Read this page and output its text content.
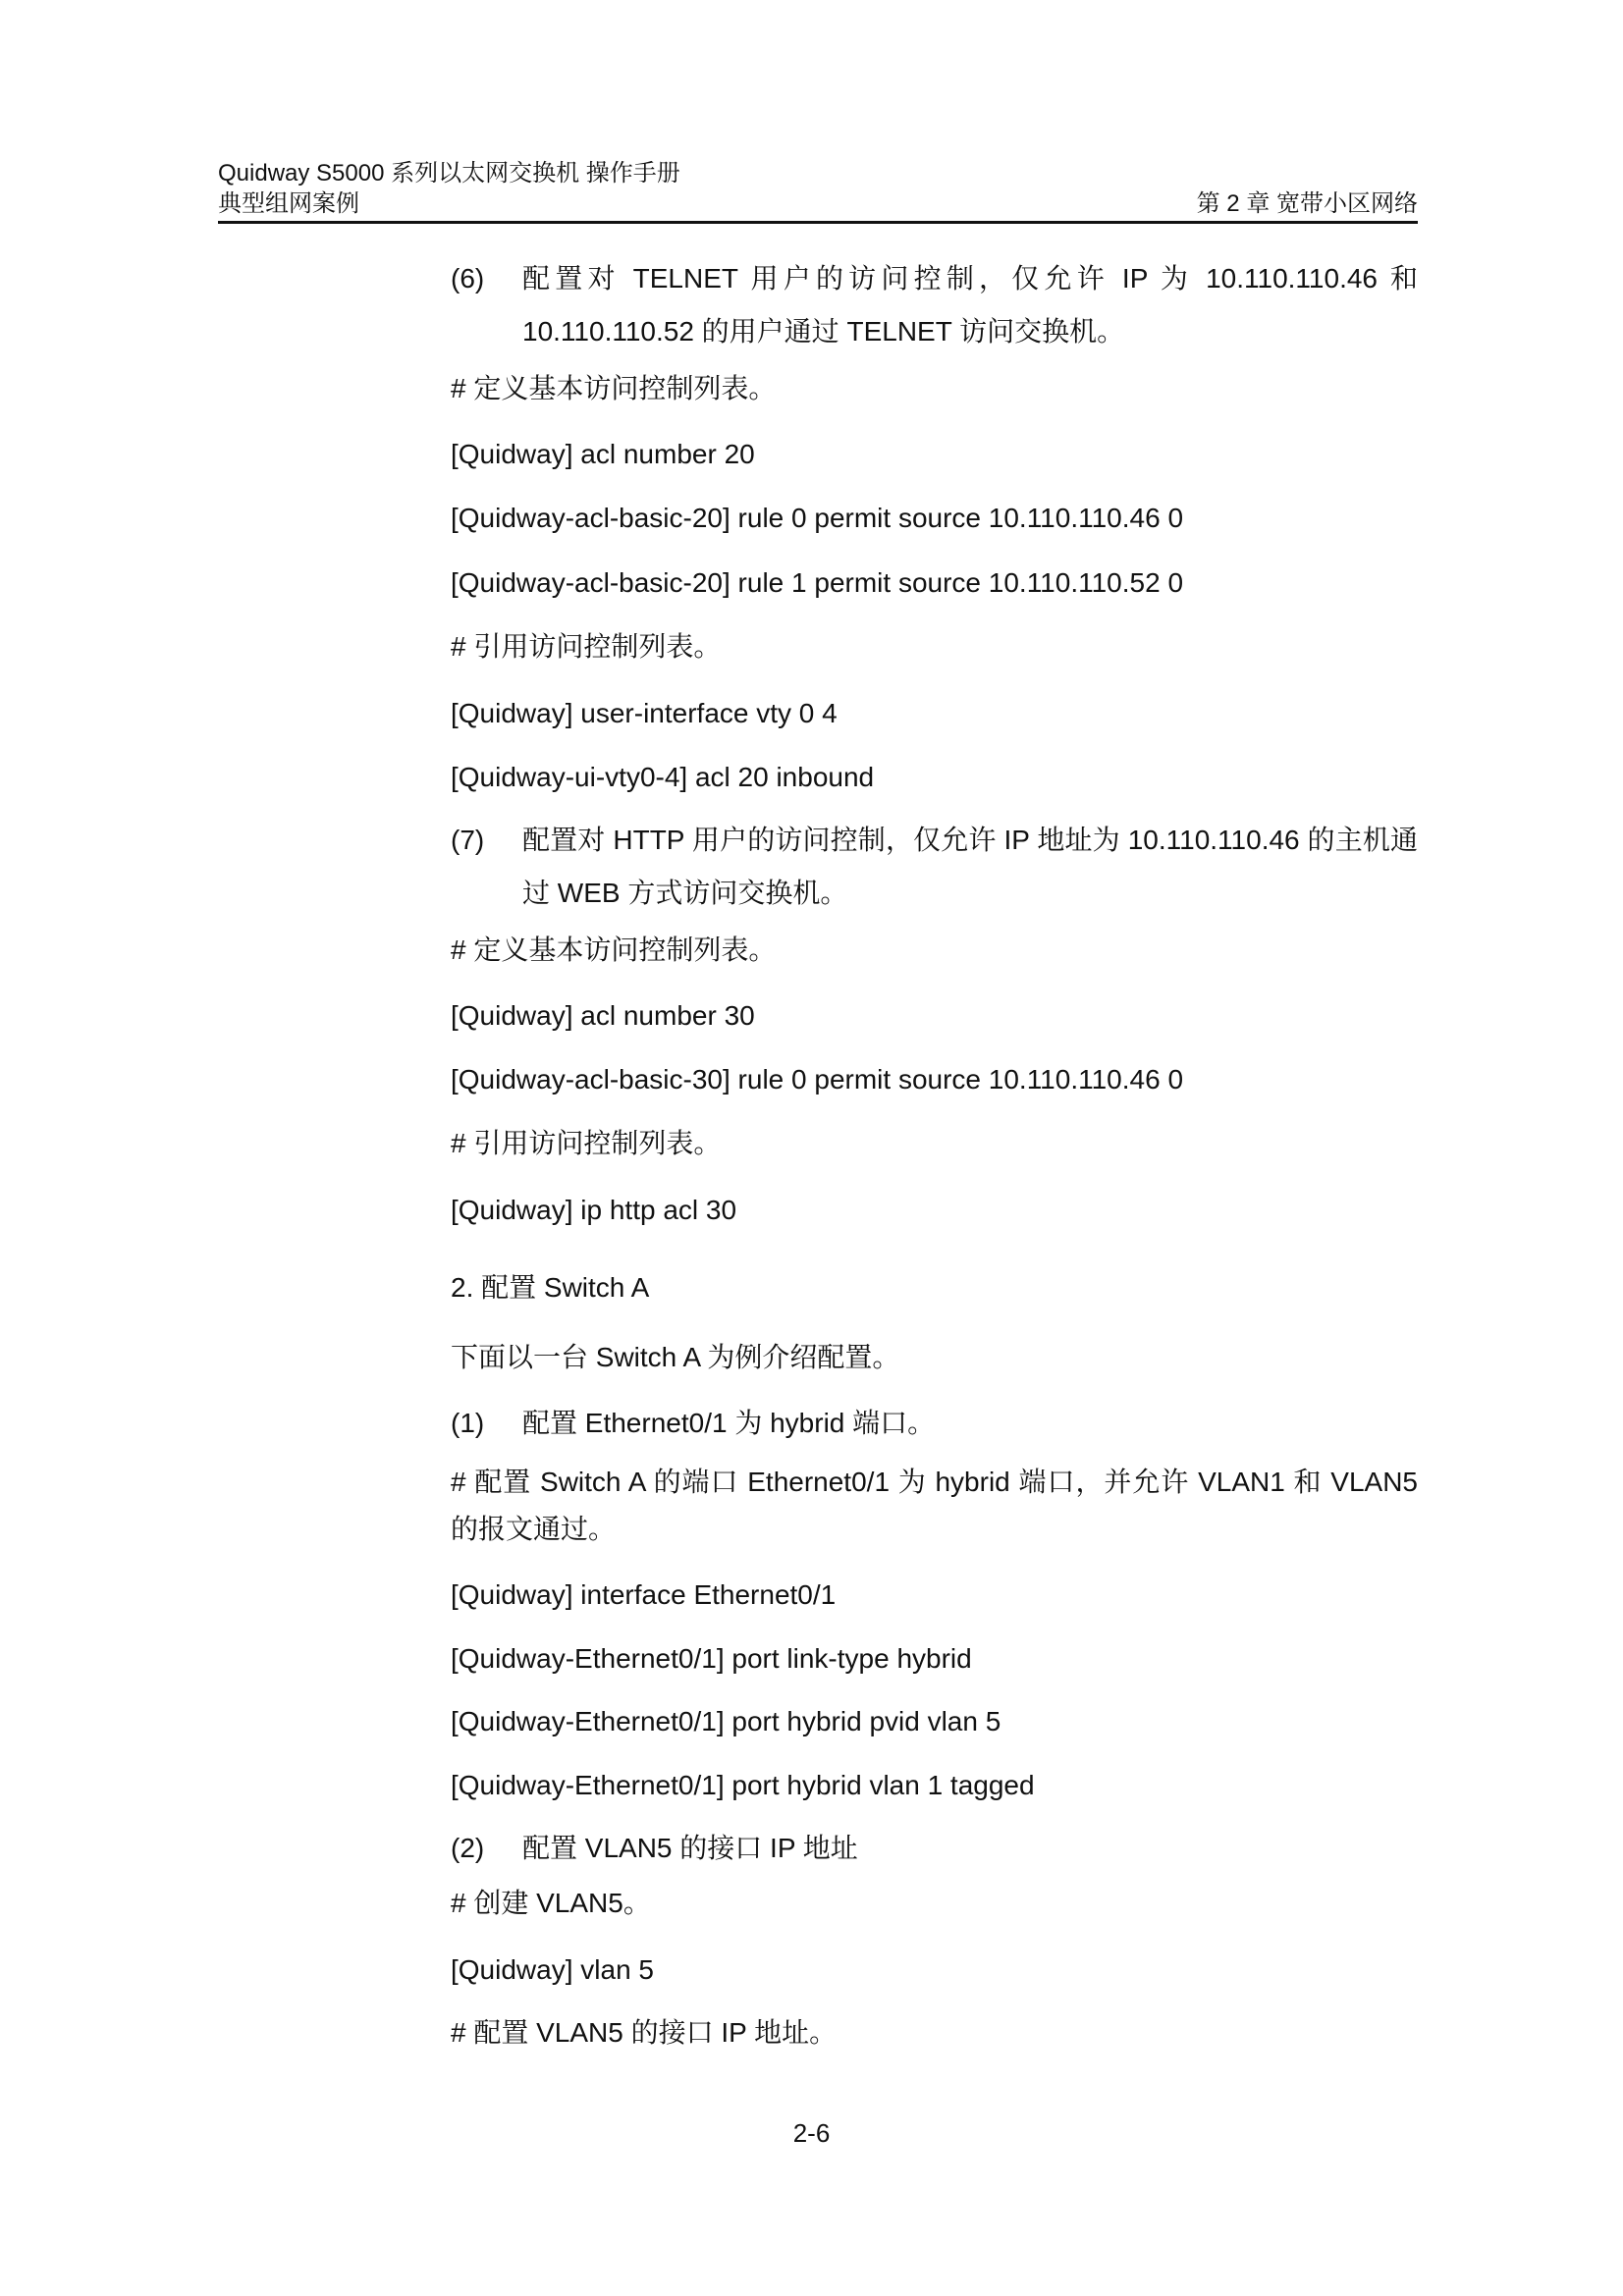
Quidway S5000 系列以太网交换机 操作手册
典型组网案例	第 2 章 宽带小区网络
(6) 配置对 TELNET 用户的访问控制，仅允许 IP 为 10.110.110.46 和 10.110.110.52 的用户通过 TELNET 访问交换机。
# 定义基本访问控制列表。
[Quidway] acl number 20
[Quidway-acl-basic-20] rule 0 permit source 10.110.110.46 0
[Quidway-acl-basic-20] rule 1 permit source 10.110.110.52 0
# 引用访问控制列表。
[Quidway] user-interface vty 0 4
[Quidway-ui-vty0-4] acl 20 inbound
(7) 配置对 HTTP 用户的访问控制，仅允许 IP 地址为 10.110.110.46 的主机通过 WEB 方式访问交换机。
# 定义基本访问控制列表。
[Quidway] acl number 30
[Quidway-acl-basic-30] rule 0 permit source 10.110.110.46 0
# 引用访问控制列表。
[Quidway] ip http acl 30
2. 配置 Switch A
下面以一台 Switch A 为例介绍配置。
(1) 配置 Ethernet0/1 为 hybrid 端口。
# 配置 Switch A 的端口 Ethernet0/1 为 hybrid 端口，并允许 VLAN1 和 VLAN5 的报文通过。
[Quidway] interface Ethernet0/1
[Quidway-Ethernet0/1] port link-type hybrid
[Quidway-Ethernet0/1] port hybrid pvid vlan 5
[Quidway-Ethernet0/1] port hybrid vlan 1 tagged
(2) 配置 VLAN5 的接口 IP 地址
# 创建 VLAN5。
[Quidway] vlan 5
# 配置 VLAN5 的接口 IP 地址。
2-6
